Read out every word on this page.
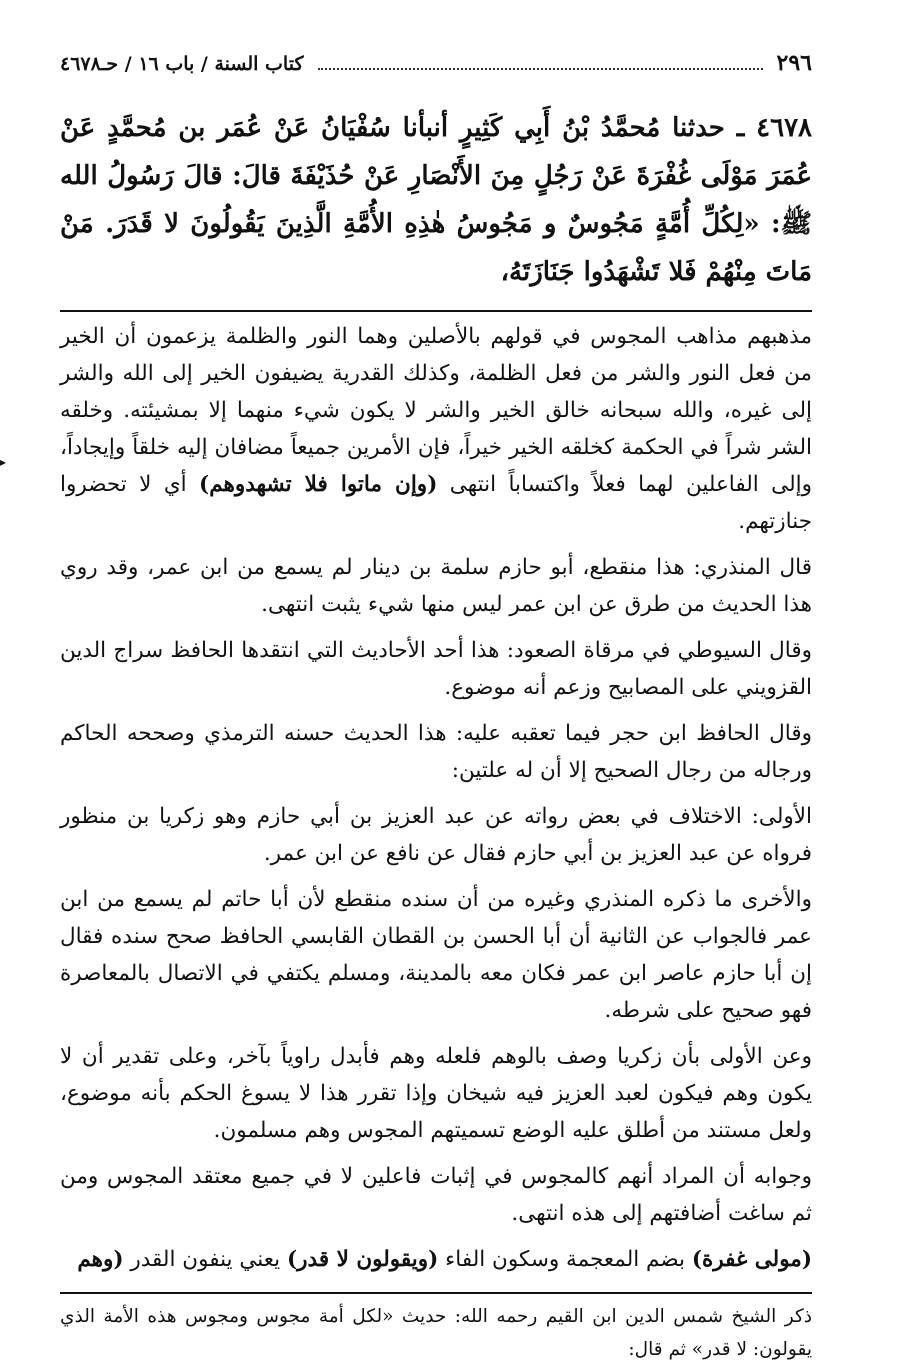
٢٩٦
كتاب السنة / باب ١٦ / حـ٤٦٧٨
٤٦٧٨ ـ حدثنا مُحمَّدُ بْنُ أَبِي كَثِيرٍ أنبأنا سُفْيَانُ عَنْ عُمَر بن مُحمَّدٍ عَنْ عُمَرَ مَوْلَى غُفْرَةَ عَنْ رَجُلٍ مِنَ الأَنْصَارِ عَنْ حُذَيْفَةَ قالَ: قالَ رَسُولُ الله ﷺ: «لِكُلِّ أُمَّةٍ مَجُوسٌ و مَجُوسُ هٰذِهِ الأُمَّةِ الَّذِينَ يَقُولُونَ لا قَدَرَ. مَنْ مَاتَ مِنْهُمْ فَلا تَشْهَدُوا جَنَازَتَهُ،

مذهبهم مذاهب المجوس في قولهم بالأصلين وهما النور والظلمة يزعمون أن الخير من فعل النور والشر من فعل الظلمة، وكذلك القدرية يضيفون الخير إلى الله والشر إلى غيره، والله سبحانه خالق الخير والشر لا يكون شيء منهما إلا بمشيئته. وخلقه الشر شراً في الحكمة كخلقه الخير خيراً، فإن الأمرين جميعاً مضافان إليه خلقاً وإيجاداً، وإلى الفاعلين لهما فعلاً واكتساباً انتهى (وإن ماتوا فلا تشهدوهم) أي لا تحضروا جنازتهم.

قال المنذري: هذا منقطع، أبو حازم سلمة بن دينار لم يسمع من ابن عمر، وقد روي هذا الحديث من طرق عن ابن عمر ليس منها شيء يثبت انتهى.

وقال السيوطي في مرقاة الصعود: هذا أحد الأحاديث التي انتقدها الحافظ سراج الدين القزويني على المصابيح وزعم أنه موضوع.

وقال الحافظ ابن حجر فيما تعقبه عليه: هذا الحديث حسنه الترمذي وصححه الحاكم ورجاله من رجال الصحيح إلا أن له علتين:

الأولى: الاختلاف في بعض رواته عن عبد العزيز بن أبي حازم وهو زكريا بن منظور فرواه عن عبد العزيز بن أبي حازم فقال عن نافع عن ابن عمر.

والأخرى ما ذكره المنذري وغيره من أن سنده منقطع لأن أبا حاتم لم يسمع من ابن عمر فالجواب عن الثانية أن أبا الحسن بن القطان القابسي الحافظ صحح سنده فقال إن أبا حازم عاصر ابن عمر فكان معه بالمدينة، ومسلم يكتفي في الاتصال بالمعاصرة فهو صحيح على شرطه.

وعن الأولى بأن زكريا وصف بالوهم فلعله وهم فأبدل راوياً بآخر، وعلى تقدير أن لا يكون وهم فيكون لعبد العزيز فيه شيخان وإذا تقرر هذا لا يسوغ الحكم بأنه موضوع، ولعل مستند من أطلق عليه الوضع تسميتهم المجوس وهم مسلمون.

وجوابه أن المراد أنهم كالمجوس في إثبات فاعلين لا في جميع معتقد المجوس ومن ثم ساغت أضافتهم إلى هذه انتهى.

(مولى غفرة) بضم المعجمة وسكون الفاء (ويقولون لا قدر) يعني ينفون القدر (وهم

ذكر الشيخ شمس الدين ابن القيم رحمه الله: حديث «لكل أمة مجوس ومجوس هذه الأمة الذي يقولون: لا قدر» ثم قال:

▸
